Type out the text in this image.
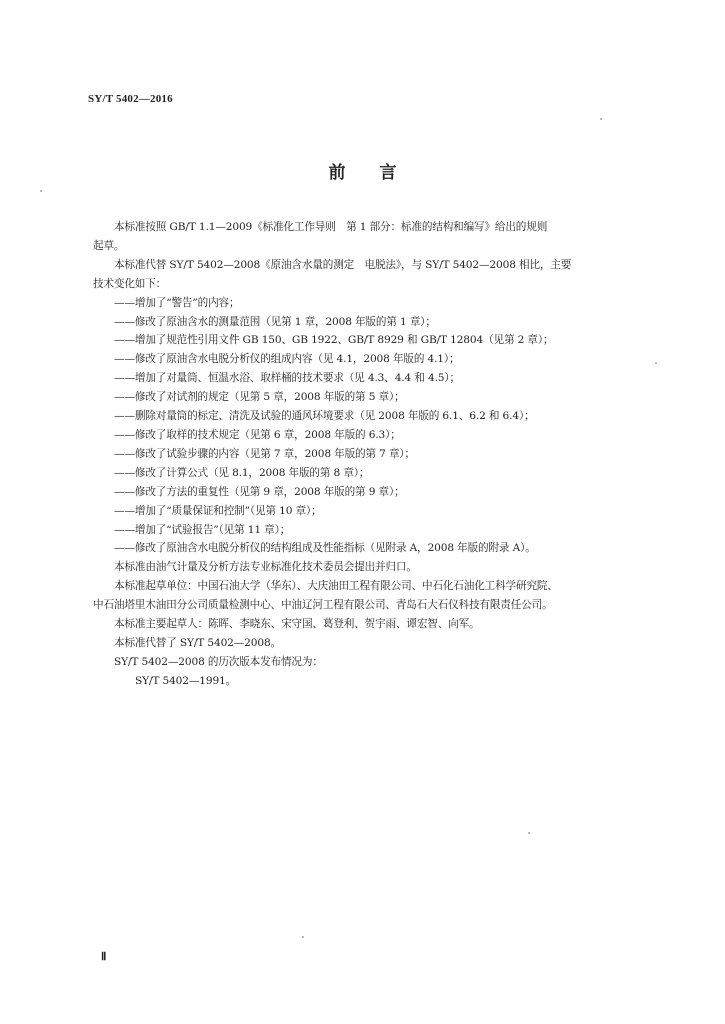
SY/T 5402—2016
前 言

本标准按照 GB/T 1.1—2009《标准化工作导则　第 1 部分：标准的结构和编写》给出的规则

起草。

本标准代替 SY/T 5402—2008《原油含水量的测定　电脱法》，与 SY/T 5402—2008 相比，主要

技术变化如下：

——增加了“警告”的内容；

——修改了原油含水的测量范围（见第 1 章，2008 年版的第 1 章）；

——增加了规范性引用文件 GB 150、GB 1922、GB/T 8929 和 GB/T 12804（见第 2 章）；

——修改了原油含水电脱分析仪的组成内容（见 4.1，2008 年版的 4.1）；

——增加了对量筒、恒温水浴、取样桶的技术要求（见 4.3、4.4 和 4.5）；

——修改了对试剂的规定（见第 5 章，2008 年版的第 5 章）；

——删除对量筒的标定、清洗及试验的通风环境要求（见 2008 年版的 6.1、6.2 和 6.4）；

——修改了取样的技术规定（见第 6 章，2008 年版的 6.3）；

——修改了试验步骤的内容（见第 7 章，2008 年版的第 7 章）；

——修改了计算公式（见 8.1，2008 年版的第 8 章）；

——修改了方法的重复性（见第 9 章，2008 年版的第 9 章）；

——增加了“质量保证和控制”（见第 10 章）；

——增加了“试验报告”（见第 11 章）；

——修改了原油含水电脱分析仪的结构组成及性能指标（见附录 A，2008 年版的附录 A）。

本标准由油气计量及分析方法专业标准化技术委员会提出并归口。

本标准起草单位：中国石油大学（华东）、大庆油田工程有限公司、中石化石油化工科学研究院、

中石油塔里木油田分公司质量检测中心、中油辽河工程有限公司、青岛石大石仪科技有限责任公司。

本标准主要起草人：陈晖、李晓东、宋守国、葛登利、贺宇雨、谭宏智、向军。

本标准代替了 SY/T 5402—2008。

SY/T 5402—2008 的历次版本发布情况为：

SY/T 5402—1991。

Ⅱ
